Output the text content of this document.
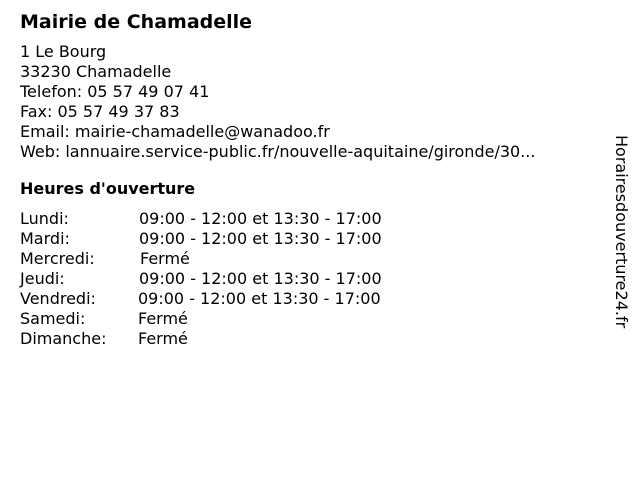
Mairie de Chamadelle
1 Le Bourg
33230 Chamadelle
Telefon: 05 57 49 07 41
Fax: 05 57 49 37 83
Email: mairie-chamadelle@wanadoo.fr
Web: lannuaire.service-public.fr/nouvelle-aquitaine/gironde/30...
Heures d'ouverture
Lundi:	09:00 - 12:00 et 13:30 - 17:00
Mardi:	09:00 - 12:00 et 13:30 - 17:00
Mercredi:	Fermé
Jeudi:	09:00 - 12:00 et 13:30 - 17:00
Vendredi:	09:00 - 12:00 et 13:30 - 17:00
Samedi:	Fermé
Dimanche: Fermé
Horairesdouverture24.fr
